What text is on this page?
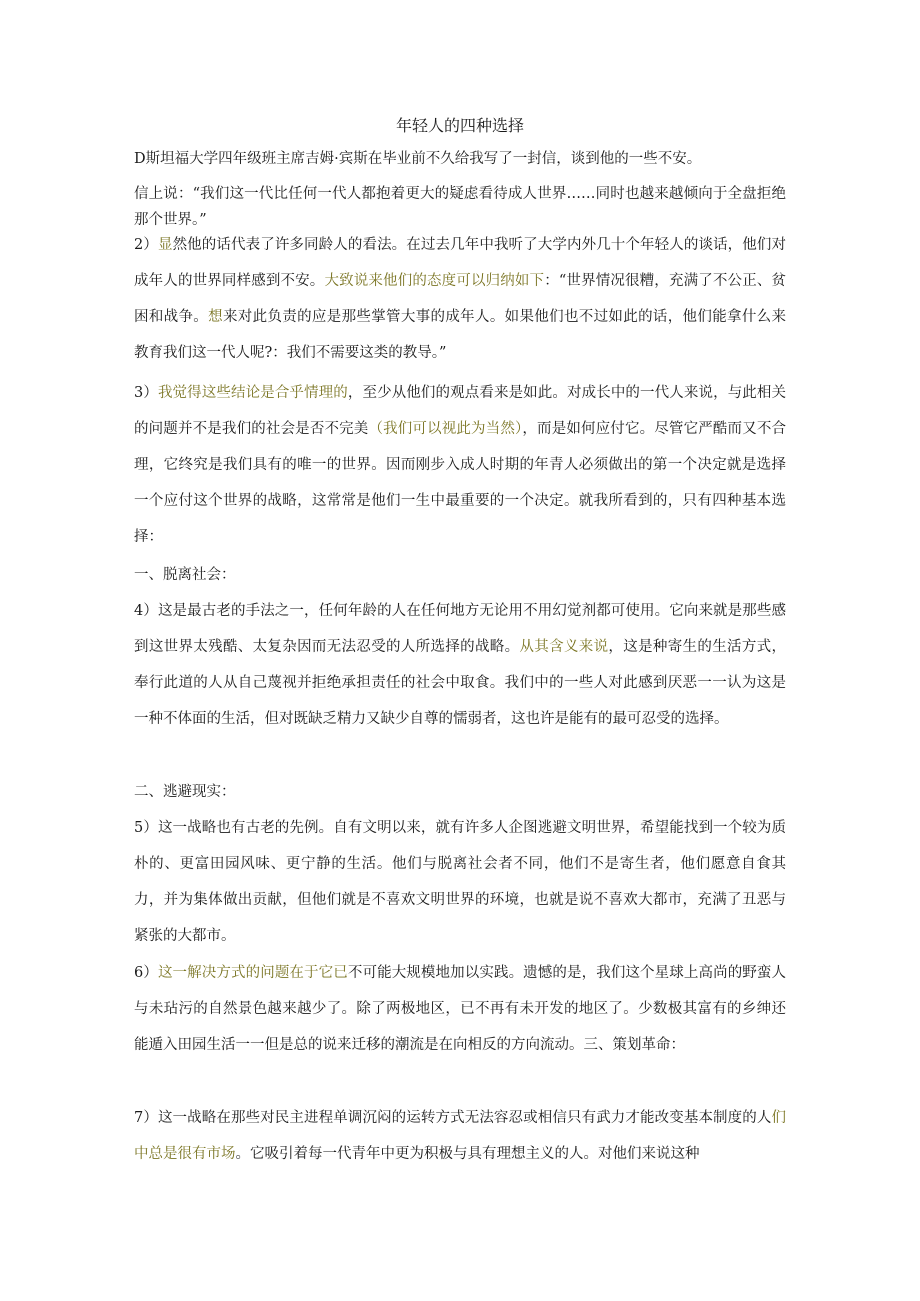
年轻人的四种选择

D斯坦福大学四年级班主席吉姆·宾斯在毕业前不久给我写了一封信，谈到他的一些不安。

信上说：“我们这一代比任何一代人都抱着更大的疑虑看待成人世界……同时也越来越倾向于全盘拒绝那个世界。”

2）显然他的话代表了许多同龄人的看法。在过去几年中我听了大学内外几十个年轻人的谈话，他们对成年人的世界同样感到不安。大致说来他们的态度可以归纳如下：“世界情况很糟，充满了不公正、贫困和战争。想来对此负责的应是那些掌管大事的成年人。如果他们也不过如此的话，他们能拿什么来教育我们这一代人呢?：我们不需要这类的教导。”

3）我觉得这些结论是合乎情理的，至少从他们的观点看来是如此。对成长中的一代人来说，与此相关的问题并不是我们的社会是否不完美（我们可以视此为当然），而是如何应付它。尽管它严酷而又不合理，它终究是我们具有的唯一的世界。因而刚步入成人时期的年青人必须做出的第一个决定就是选择一个应付这个世界的战略，这常常是他们一生中最重要的一个决定。就我所看到的，只有四种基本选择：

一、脱离社会：

4）这是最古老的手法之一，任何年龄的人在任何地方无论用不用幻觉剂都可使用。它向来就是那些感到这世界太残酷、太复杂因而无法忍受的人所选择的战略。从其含义来说，这是种寄生的生活方式，奉行此道的人从自己蔑视并拒绝承担责任的社会中取食。我们中的一些人对此感到厌恶一一认为这是一种不体面的生活，但对既缺乏精力又缺少自尊的懦弱者，这也许是能有的最可忍受的选择。

二、逃避现实：

5）这一战略也有古老的先例。自有文明以来，就有许多人企图逃避文明世界，希望能找到一个较为质朴的、更富田园风味、更宁静的生活。他们与脱离社会者不同，他们不是寄生者，他们愿意自食其力，并为集体做出贡献，但他们就是不喜欢文明世界的环境，也就是说不喜欢大都市，充满了丑恶与紧张的大都市。

6）这一解决方式的问题在于它已不可能大规模地加以实践。遗憾的是，我们这个星球上高尚的野蛮人与未玷污的自然景色越来越少了。除了两极地区，已不再有未开发的地区了。少数极其富有的乡绅还能遁入田园生活一一但是总的说来迁移的潮流是在向相反的方向流动。三、策划革命：

7）这一战略在那些对民主进程单调沉闷的运转方式无法容忍或相信只有武力才能改变基本制度的人们中总是很有市场。它吸引着每一代青年中更为积极与具有理想主义的人。对他们来说这种
